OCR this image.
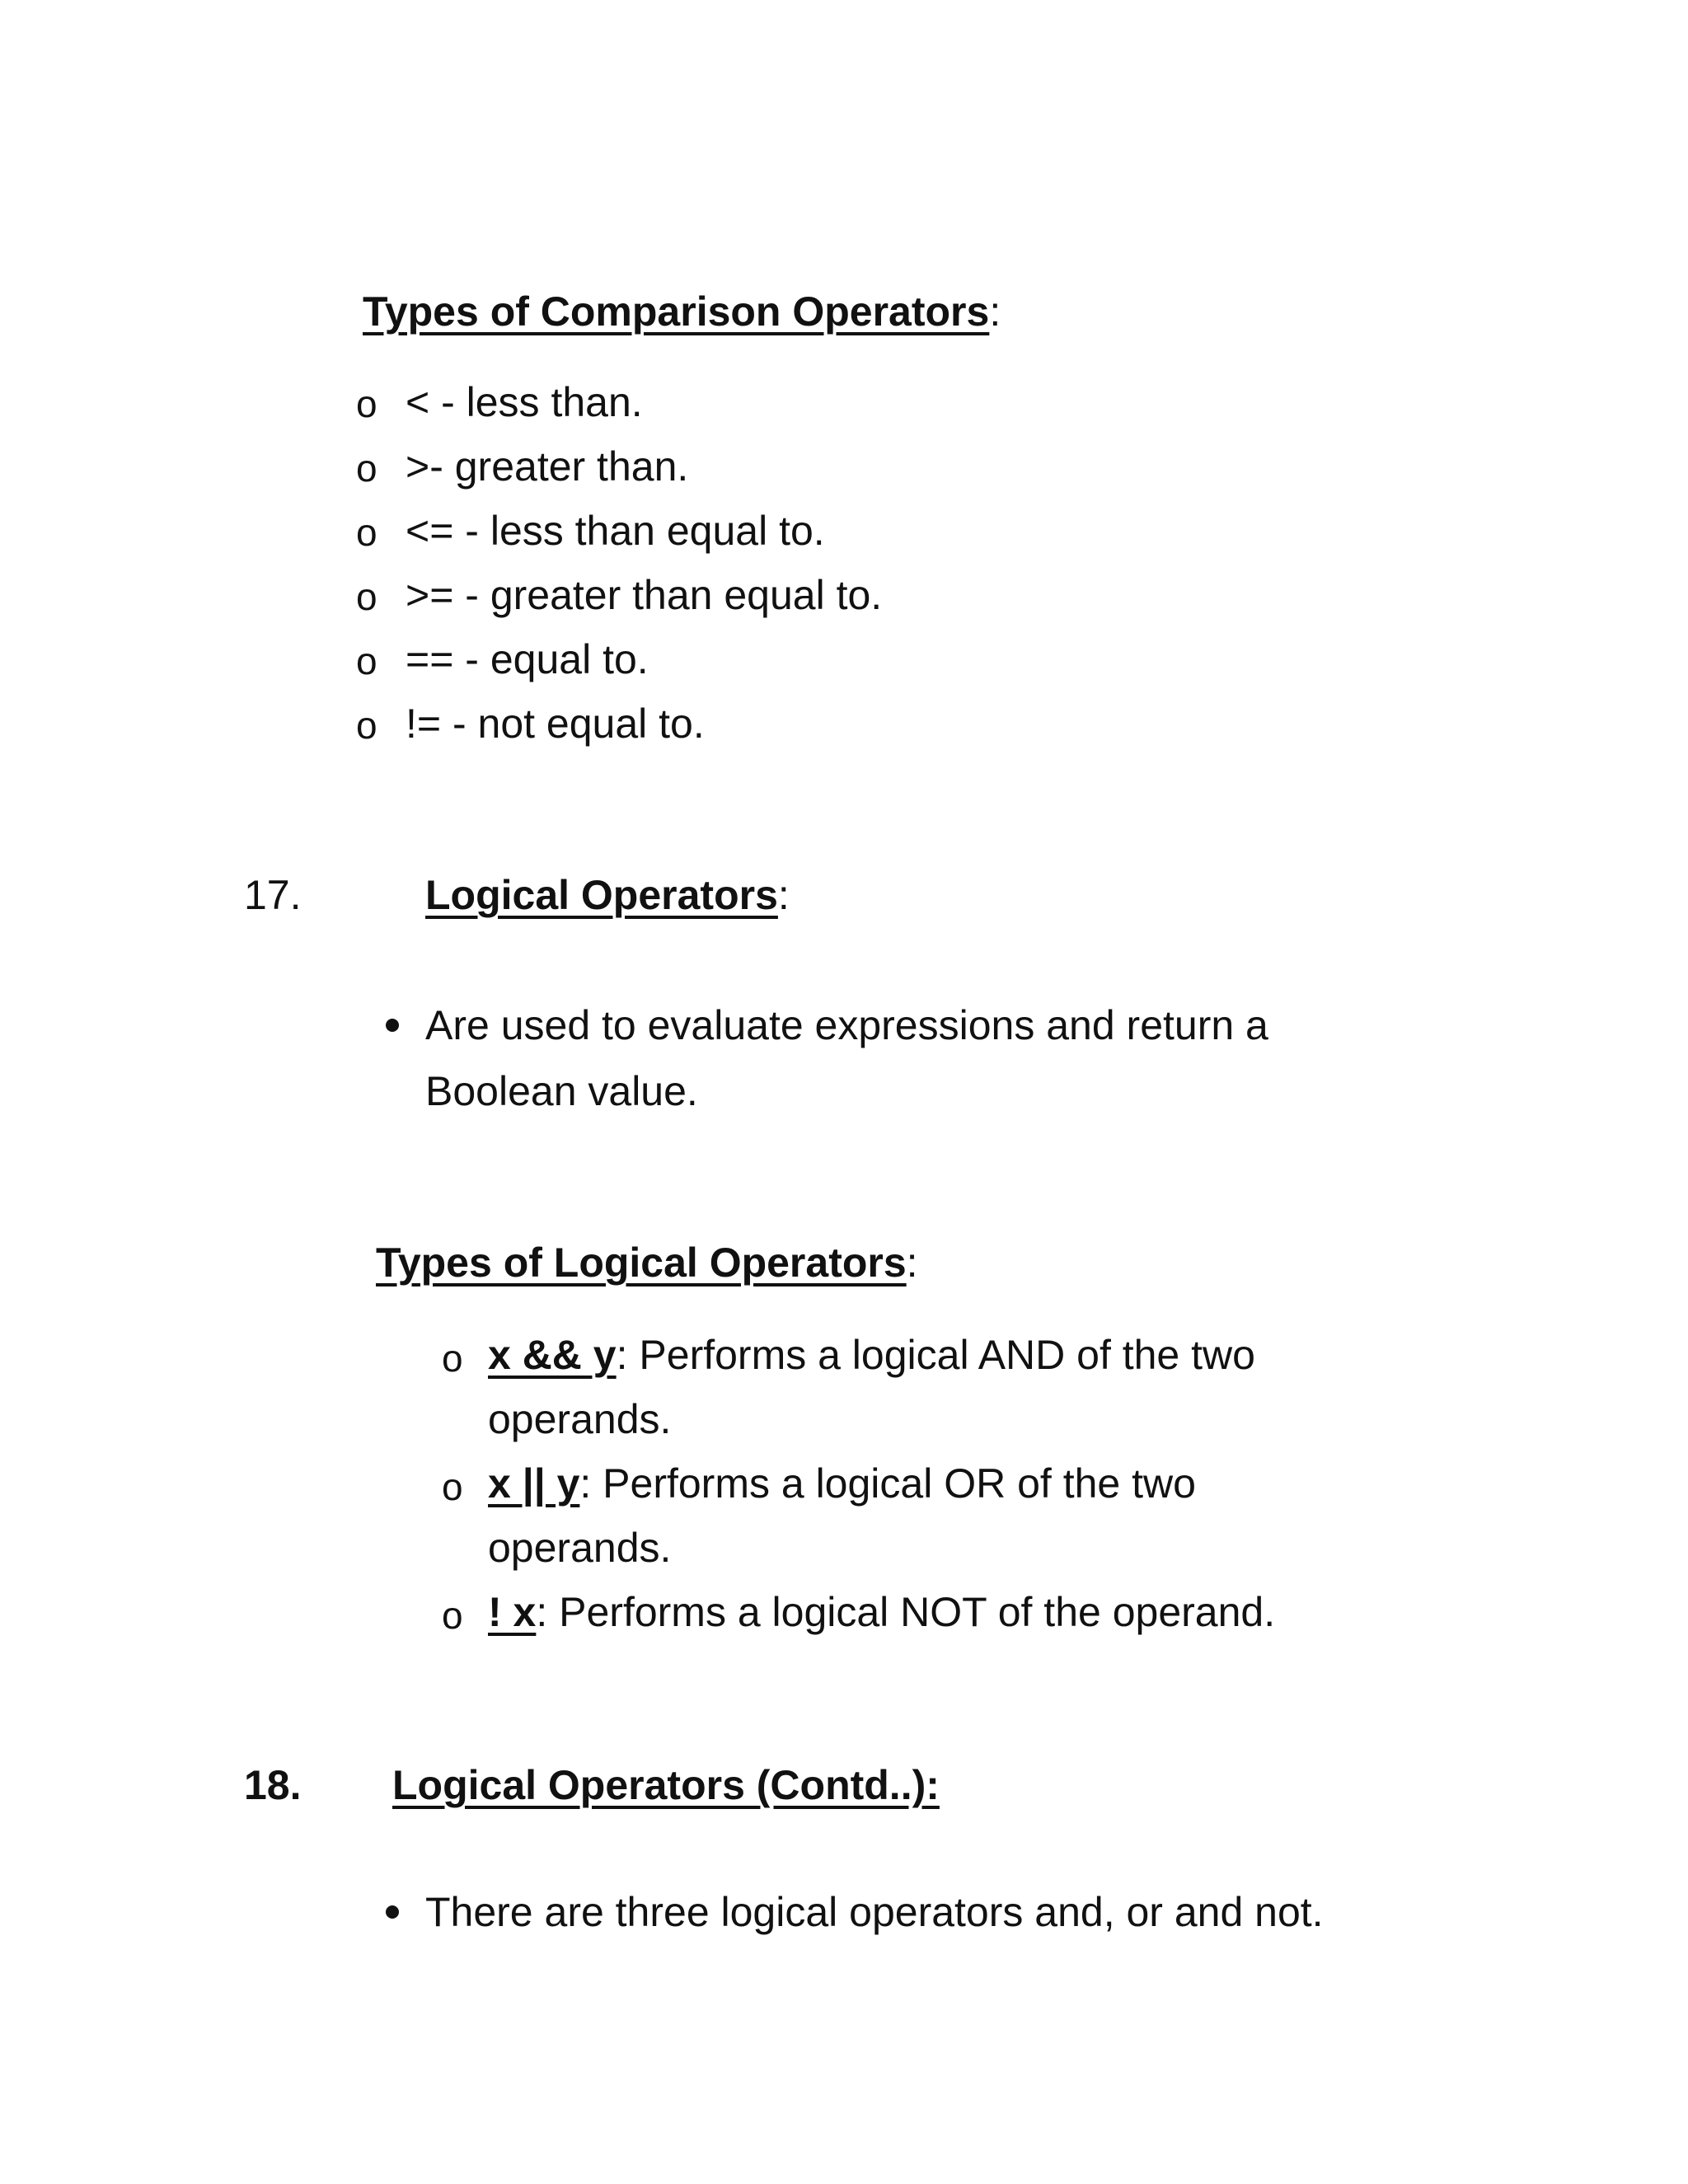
Types of Comparison Operators:
o < - less than.
o >- greater than.
o <= - less than equal to.
o >= - greater than equal to.
o == - equal to.
o != - not equal to.
17.	Logical Operators:
Are used to evaluate expressions and return a
Boolean value.
Types of Logical Operators:
o x && y: Performs a logical AND of the two
operands.
o x || y: Performs a logical OR of the two
operands.
o ! x: Performs a logical NOT of the operand.
18. Logical Operators (Contd..):
There are three logical operators and, or and not.
